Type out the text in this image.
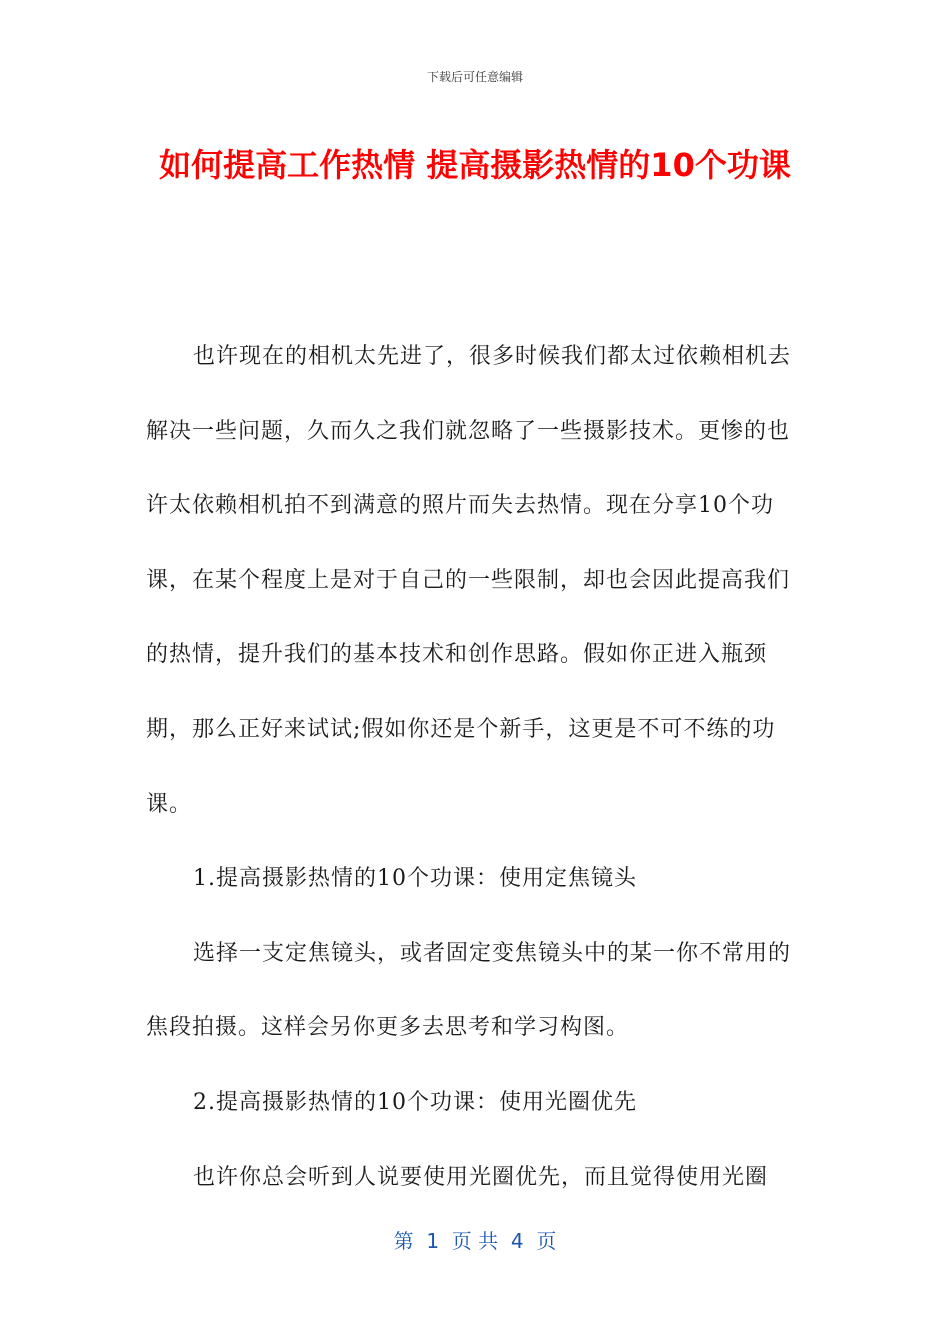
下载后可任意编辑
如何提高工作热情 提高摄影热情的10个功课

也许现在的相机太先进了，很多时候我们都太过依赖相机去解决一些问题，久而久之我们就忽略了一些摄影技术。更惨的也许太依赖相机拍不到满意的照片而失去热情。现在分享10个功课，在某个程度上是对于自己的一些限制，却也会因此提高我们的热情，提升我们的基本技术和创作思路。假如你正进入瓶颈期，那么正好来试试;假如你还是个新手，这更是不可不练的功课。

1.提高摄影热情的10个功课：使用定焦镜头

选择一支定焦镜头，或者固定变焦镜头中的某一你不常用的焦段拍摄。这样会另你更多去思考和学习构图。

2.提高摄影热情的10个功课：使用光圈优先

也许你总会听到人说要使用光圈优先，而且觉得使用光圈

第  1  页 共  4  页
